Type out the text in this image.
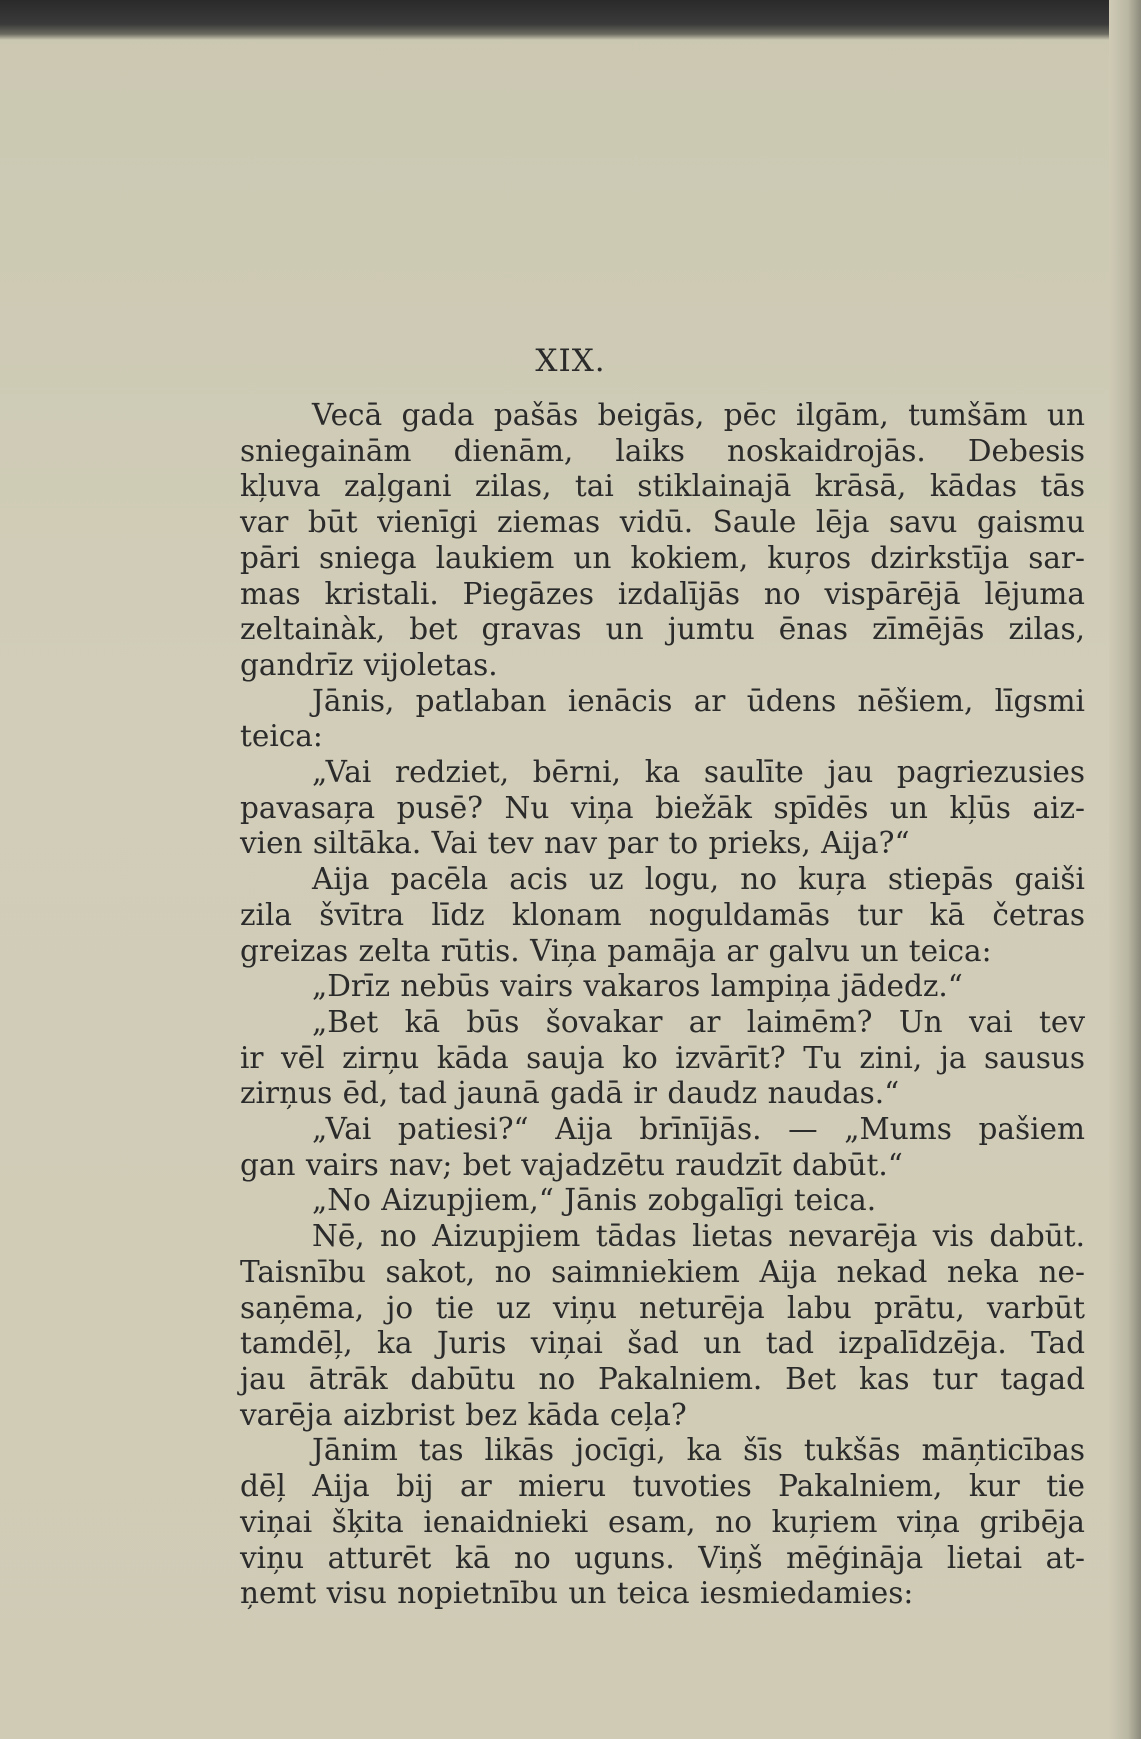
XIX.
Vecā gada pašās beigās, pēc ilgām, tumšām un
sniegainām dienām, laiks noskaidrojās. Debesis
kļuva zaļgani zilas, tai stiklainajā krāsā, kādas tās
var būt vienīgi ziemas vidū. Saule lēja savu gaismu
pāri sniega laukiem un kokiem, kuŗos dzirkstīja sar-
mas kristali. Piegāzes izdalījās no vispārējā lējuma
zeltainàk, bet gravas un jumtu ēnas zīmējās zilas,
gandrīz vijoletas.
Jānis, patlaban ienācis ar ūdens nēšiem, līgsmi
teica:
„Vai redziet, bērni, ka saulīte jau pagriezusies
pavasaŗa pusē? Nu viņa biežāk spīdēs un kļūs aiz-
vien siltāka. Vai tev nav par to prieks, Aija?“
Aija pacēla acis uz logu, no kuŗa stiepās gaiši
zila švītra līdz klonam noguldamās tur kā četras
greizas zelta rūtis. Viņa pamāja ar galvu un teica:
„Drīz nebūs vairs vakaros lampiņa jādedz.“
„Bet kā būs šovakar ar laimēm? Un vai tev
ir vēl zirņu kāda sauja ko izvārīt? Tu zini, ja sausus
zirņus ēd, tad jaunā gadā ir daudz naudas.“
„Vai patiesi?“ Aija brīnījās. — „Mums pašiem
gan vairs nav; bet vajadzētu raudzīt dabūt.“
„No Aizupjiem,“ Jānis zobgalīgi teica.
Nē, no Aizupjiem tādas lietas nevarēja vis dabūt.
Taisnību sakot, no saimniekiem Aija nekad neka ne-
saņēma, jo tie uz viņu neturēja labu prātu, varbūt
tamdēļ, ka Juris viņai šad un tad izpalīdzēja. Tad
jau ātrāk dabūtu no Pakalniem. Bet kas tur tagad
varēja aizbrist bez kāda ceļa?
Jānim tas likās jocīgi, ka šīs tukšās māņticības
dēļ Aija bij ar mieru tuvoties Pakalniem, kur tie
viņai šķita ienaidnieki esam, no kuŗiem viņa gribēja
viņu atturēt kā no uguns. Viņš mēģināja lietai at-
ņemt visu nopietnību un teica iesmiedamies:
